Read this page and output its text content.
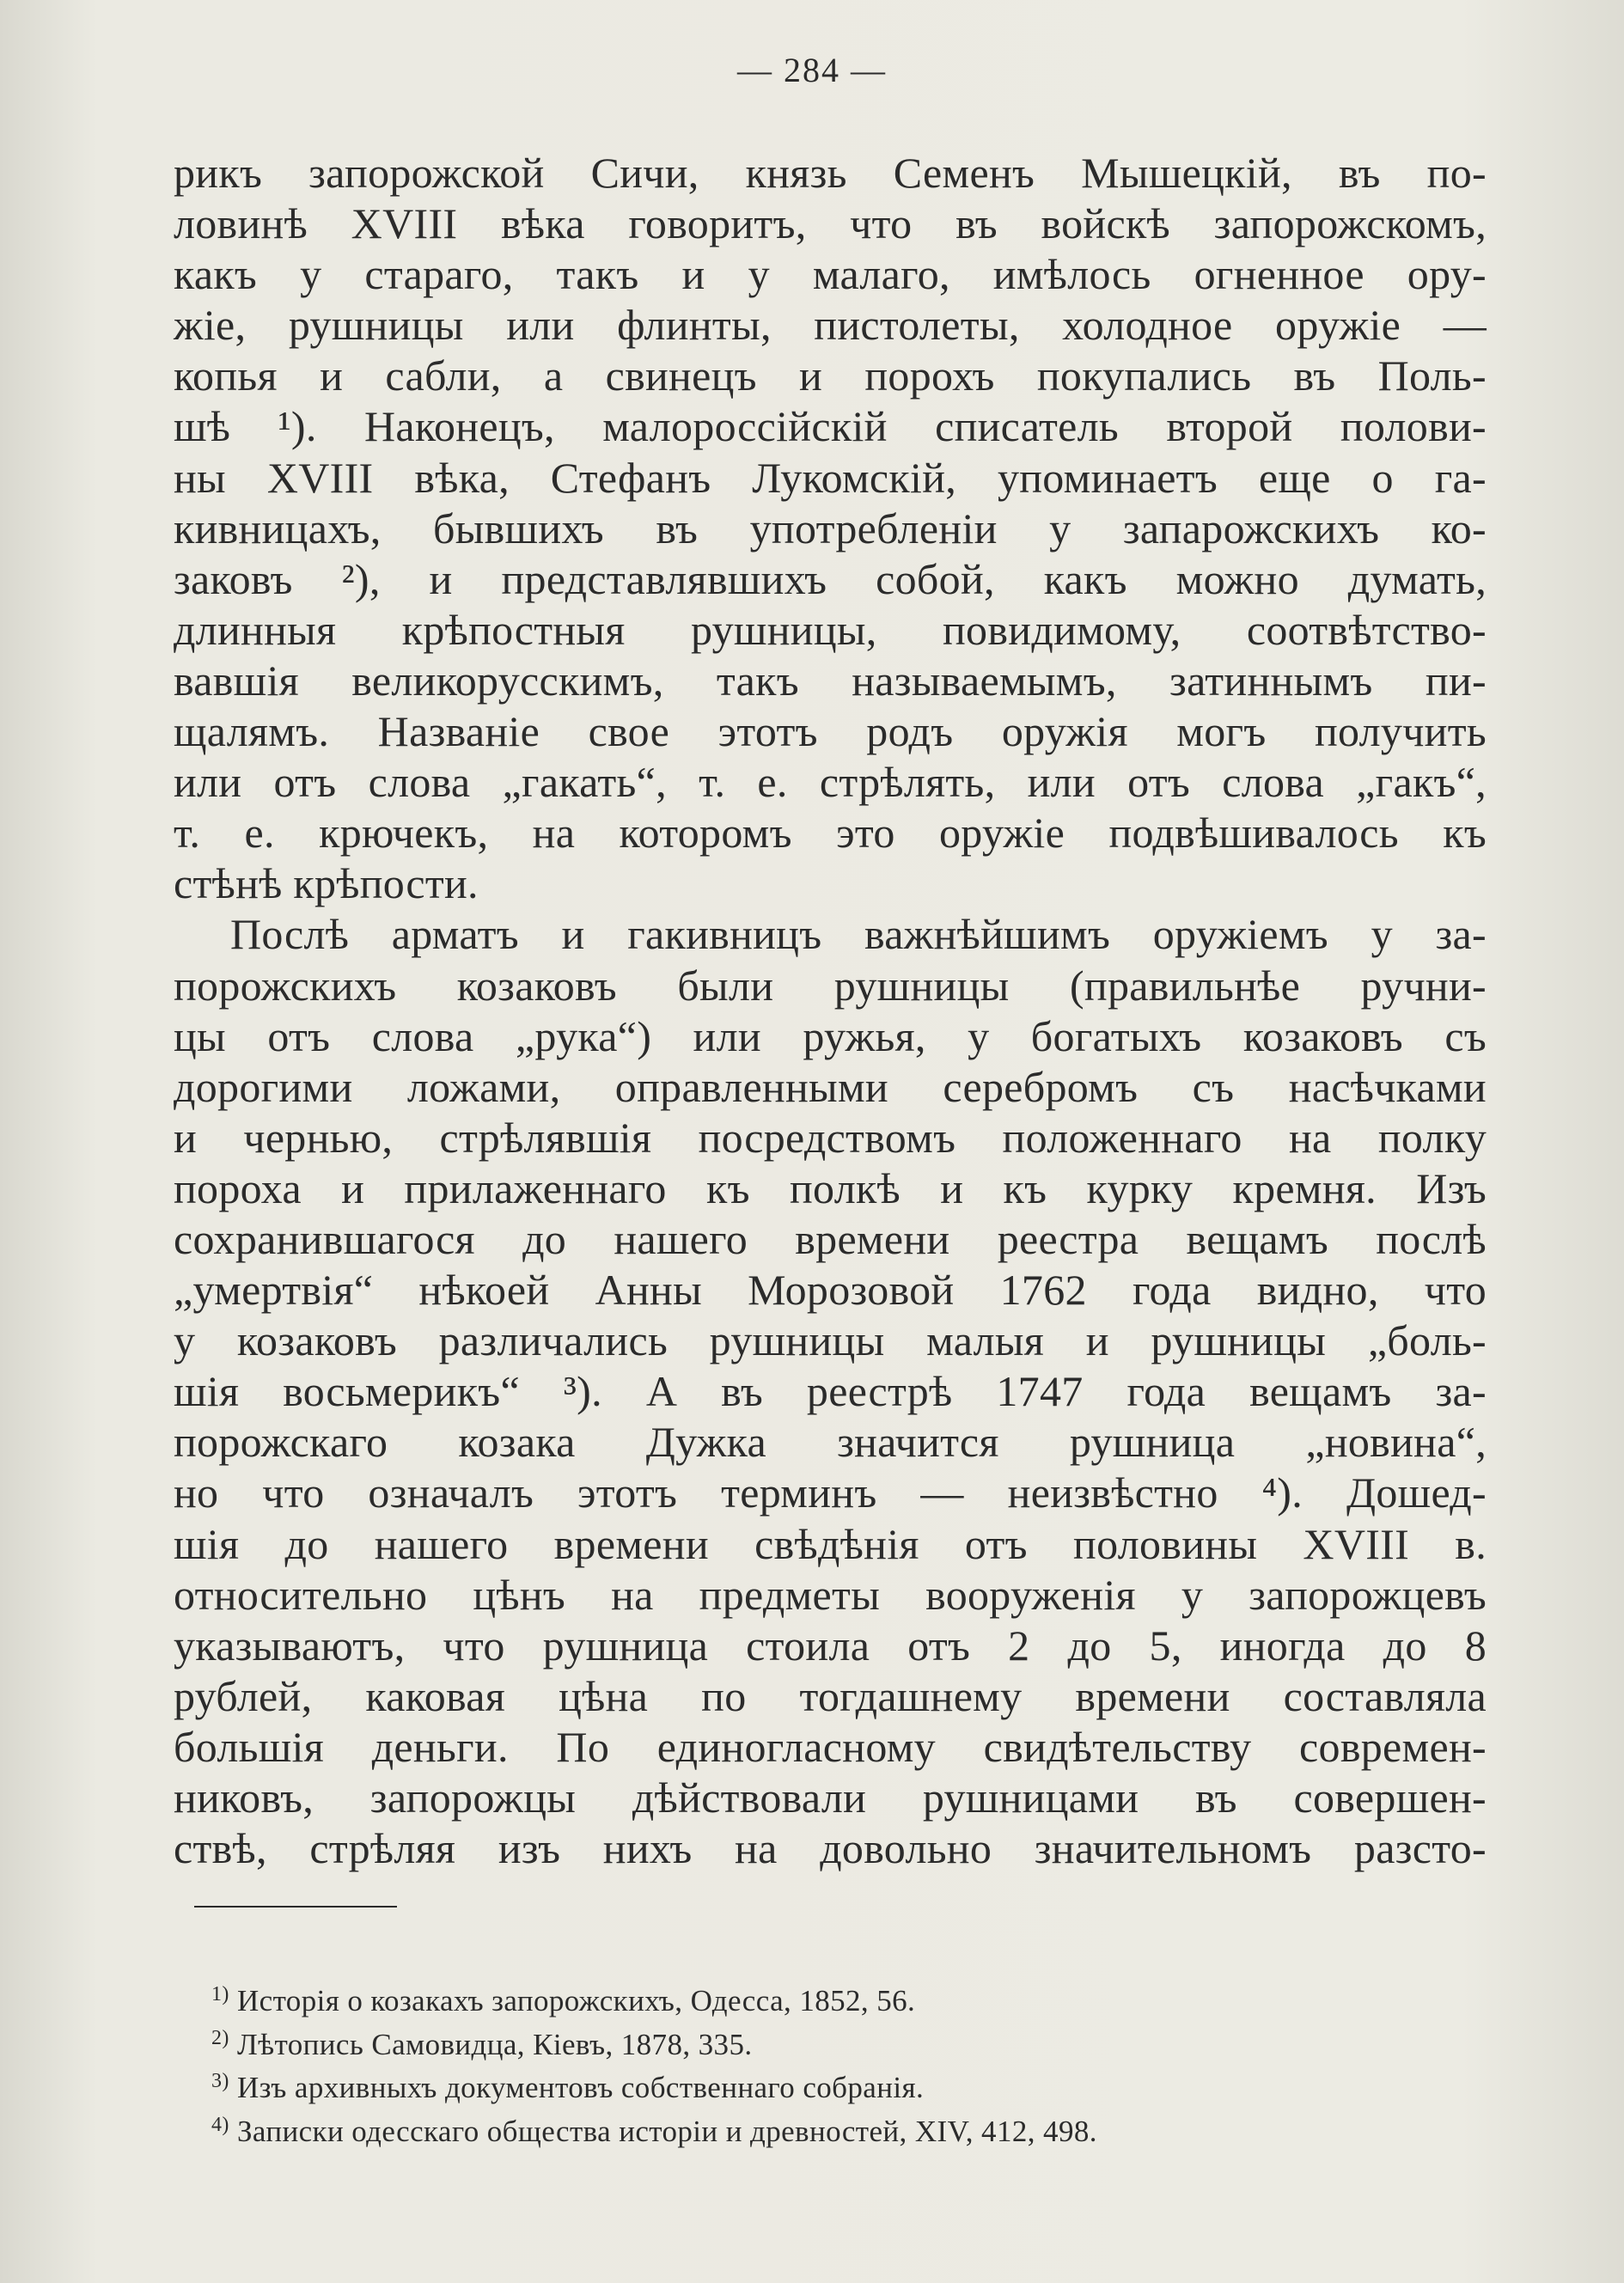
— 284 —
рикъ запорожской Сичи, князь Семенъ Мышецкій, въ по-
ловинѣ XVIII вѣка говоритъ, что въ войскѣ запорожскомъ,
какъ у стараго, такъ и у малаго, имѣлось огненное ору-
жіе, рушницы или флинты, пистолеты, холодное оружіе —
копья и сабли, а свинецъ и порохъ покупались въ Поль-
шѣ ¹). Наконецъ, малороссійскій списатель второй полови-
ны XVIII вѣка, Стефанъ Лукомскій, упоминаетъ еще о га-
кивницахъ, бывшихъ въ употребленіи у запарожскихъ ко-
заковъ ²), и представлявшихъ собой, какъ можно думать,
длинныя крѣпостныя рушницы, повидимому, соотвѣтство-
вавшія великорусскимъ, такъ называемымъ, затиннымъ пи-
щалямъ. Названіе свое этотъ родъ оружія могъ получить
или отъ слова „гакать“, т. е. стрѣлять, или отъ слова „гакъ“,
т. е. крючекъ, на которомъ это оружіе подвѣшивалось къ
стѣнѣ крѣпости.
Послѣ арматъ и гакивницъ важнѣйшимъ оружіемъ у за-
порожскихъ козаковъ были рушницы (правильнѣе ручни-
цы отъ слова „рука“) или ружья, у богатыхъ козаковъ съ
дорогими ложами, оправленными серебромъ съ насѣчками
и чернью, стрѣлявшія посредствомъ положеннаго на полку
пороха и прилаженнаго къ полкѣ и къ курку кремня. Изъ
сохранившагося до нашего времени реестра вещамъ послѣ
„умертвія“ нѣкоей Анны Морозовой 1762 года видно, что
у козаковъ различались рушницы малыя и рушницы „боль-
шія восьмерикъ“ ³). А въ реестрѣ 1747 года вещамъ за-
порожскаго козака Дужка значится рушница „новина“,
но что означалъ этотъ терминъ — неизвѣстно ⁴). Дошед-
шія до нашего времени свѣдѣнія отъ половины XVIII в.
относительно цѣнъ на предметы вооруженія у запорожцевъ
указываютъ, что рушница стоила отъ 2 до 5, иногда до 8
рублей, каковая цѣна по тогдашнему времени составляла
большія деньги. По единогласному свидѣтельству современ-
никовъ, запорожцы дѣйствовали рушницами въ совершен-
ствѣ, стрѣляя изъ нихъ на довольно значительномъ разсто-
$^{1)}$ Исторія о козакахъ запорожскихъ, Одесса, 1852, 56.
$^{2)}$ Лѣтопись Самовидца, Кіевъ, 1878, 335.
$^{3)}$ Изъ архивныхъ документовъ собственнаго собранія.
$^{4)}$ Записки одесскаго общества исторіи и древностей, XIV, 412, 498.
